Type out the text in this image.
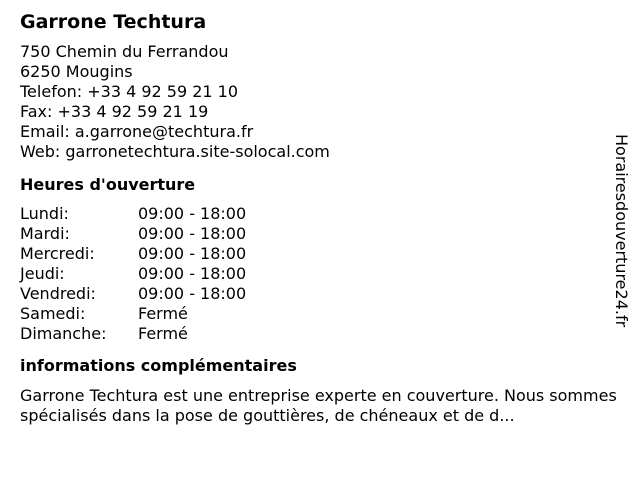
Garrone Techtura
750 Chemin du Ferrandou
6250 Mougins
Telefon: +33 4 92 59 21 10
Fax: +33 4 92 59 21 19
Email: a.garrone@techtura.fr
Web: garronetechtura.site-solocal.com
Heures d'ouverture
Lundi:	09:00 - 18:00
Mardi:	09:00 - 18:00
Mercredi:	09:00 - 18:00
Jeudi:	09:00 - 18:00
Vendredi:	09:00 - 18:00
Samedi:	Fermé
Dimanche:	Fermé
informations complémentaires
Garrone Techtura est une entreprise experte en couverture. Nous sommes spécialisés dans la pose de gouttières, de chéneaux et de d...
Horairesdouverture24.fr
